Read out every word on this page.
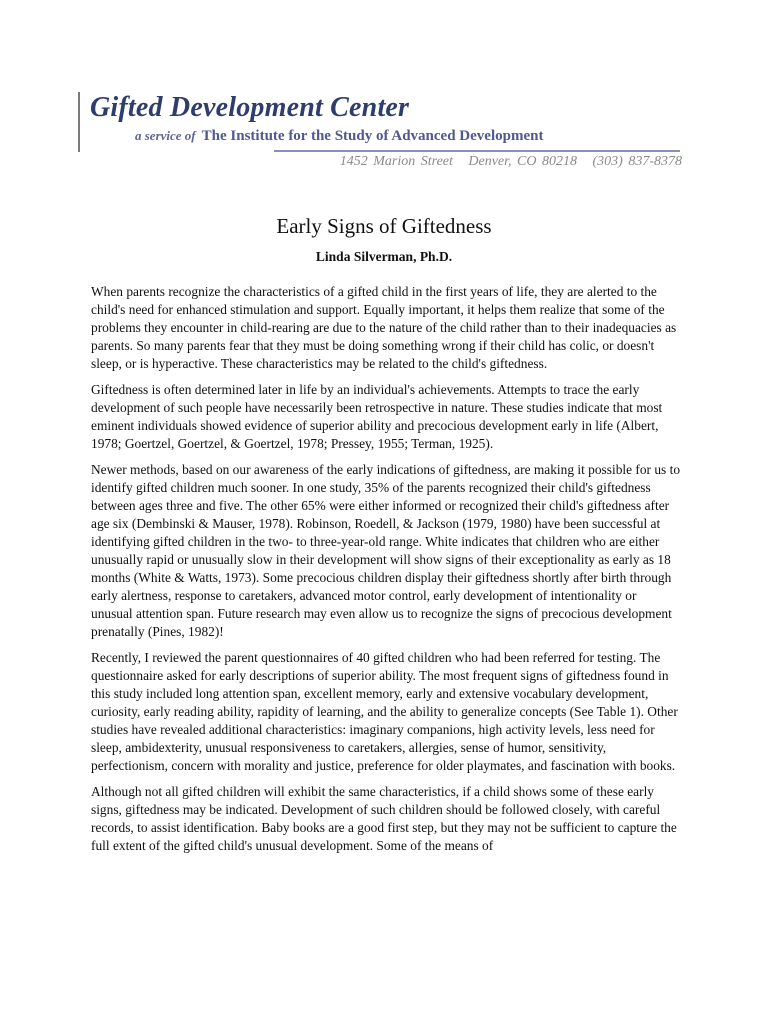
Gifted Development Center
a service of The Institute for the Study of Advanced Development
1452 Marion Street Denver, CO 80218 (303) 837-8378
Early Signs of Giftedness
Linda Silverman, Ph.D.

When parents recognize the characteristics of a gifted child in the first years of life, they are alerted to the child's need for enhanced stimulation and support. Equally important, it helps them realize that some of the problems they encounter in child-rearing are due to the nature of the child rather than to their inadequacies as parents. So many parents fear that they must be doing something wrong if their child has colic, or doesn't sleep, or is hyperactive. These characteristics may be related to the child's giftedness.

Giftedness is often determined later in life by an individual's achievements. Attempts to trace the early development of such people have necessarily been retrospective in nature. These studies indicate that most eminent individuals showed evidence of superior ability and precocious development early in life (Albert, 1978; Goertzel, Goertzel, & Goertzel, 1978; Pressey, 1955; Terman, 1925).

Newer methods, based on our awareness of the early indications of giftedness, are making it possible for us to identify gifted children much sooner. In one study, 35% of the parents recognized their child's giftedness between ages three and five. The other 65% were either informed or recognized their child's giftedness after age six (Dembinski & Mauser, 1978). Robinson, Roedell, & Jackson (1979, 1980) have been successful at identifying gifted children in the two- to three-year-old range. White indicates that children who are either unusually rapid or unusually slow in their development will show signs of their exceptionality as early as 18 months (White & Watts, 1973). Some precocious children display their giftedness shortly after birth through early alertness, response to caretakers, advanced motor control, early development of intentionality or unusual attention span. Future research may even allow us to recognize the signs of precocious development prenatally (Pines, 1982)!

Recently, I reviewed the parent questionnaires of 40 gifted children who had been referred for testing. The questionnaire asked for early descriptions of superior ability. The most frequent signs of giftedness found in this study included long attention span, excellent memory, early and extensive vocabulary development, curiosity, early reading ability, rapidity of learning, and the ability to generalize concepts (See Table 1). Other studies have revealed additional characteristics: imaginary companions, high activity levels, less need for sleep, ambidexterity, unusual responsiveness to caretakers, allergies, sense of humor, sensitivity, perfectionism, concern with morality and justice, preference for older playmates, and fascination with books.

Although not all gifted children will exhibit the same characteristics, if a child shows some of these early signs, giftedness may be indicated. Development of such children should be followed closely, with careful records, to assist identification. Baby books are a good first step, but they may not be sufficient to capture the full extent of the gifted child's unusual development. Some of the means of
